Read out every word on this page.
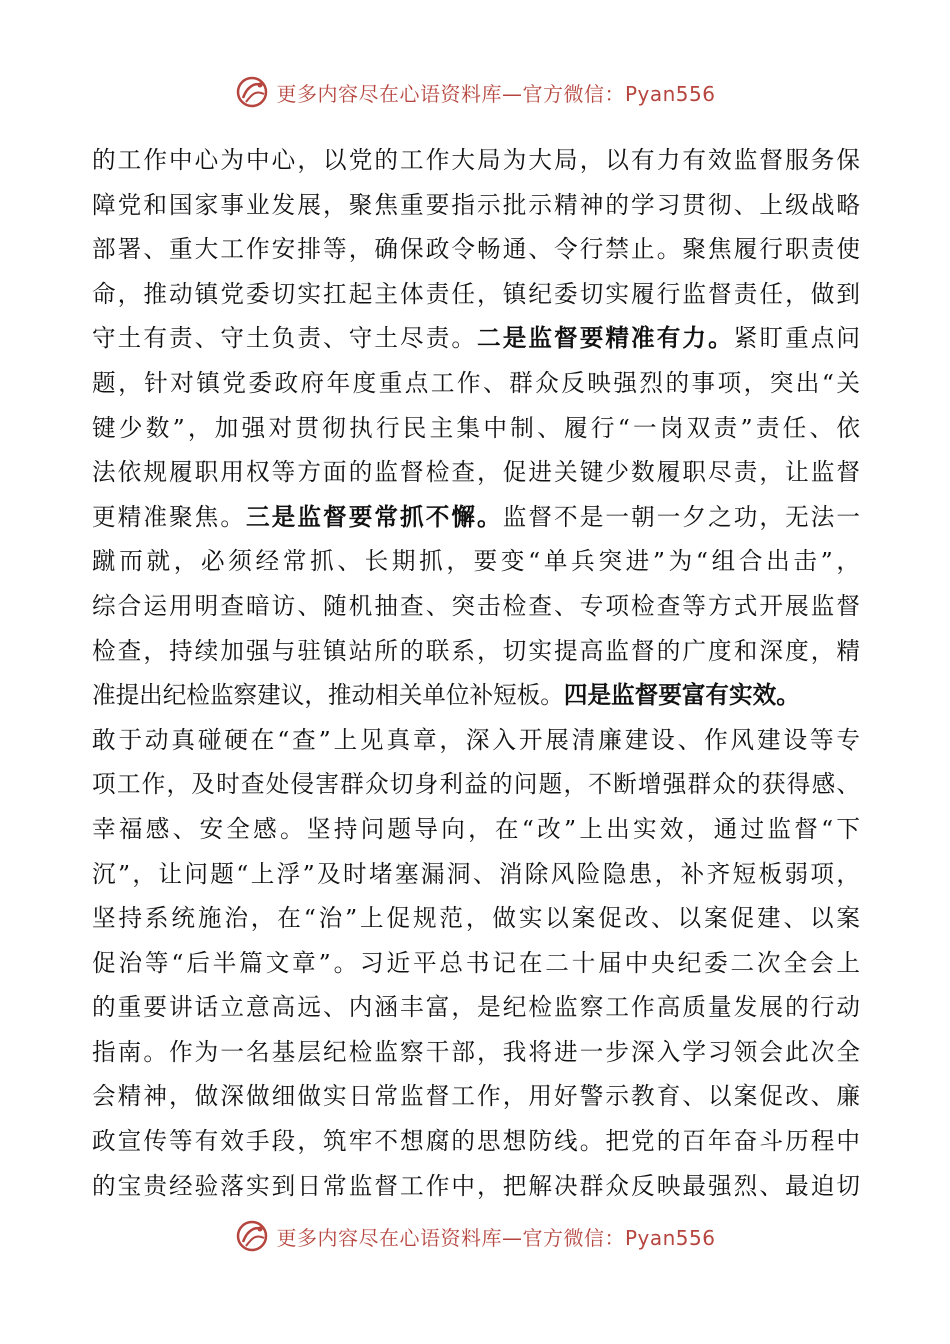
更多内容尽在心语资料库—官方微信：Pyan556
的工作中心为中心，以党的工作大局为大局，以有力有效监督服务保
障党和国家事业发展，聚焦重要指示批示精神的学习贯彻、上级战略
部署、重大工作安排等，确保政令畅通、令行禁止。聚焦履行职责使
命，推动镇党委切实扛起主体责任，镇纪委切实履行监督责任，做到
守土有责、守土负责、守土尽责。二是监督要精准有力。紧盯重点问
题，针对镇党委政府年度重点工作、群众反映强烈的事项，突出“关
键少数”，加强对贯彻执行民主集中制、履行“一岗双责”责任、依
法依规履职用权等方面的监督检查，促进关键少数履职尽责，让监督
更精准聚焦。三是监督要常抓不懈。监督不是一朝一夕之功，无法一
蹴而就，必须经常抓、长期抓，要变“单兵突进”为“组合出击”，
综合运用明查暗访、随机抽查、突击检查、专项检查等方式开展监督
检查，持续加强与驻镇站所的联系，切实提高监督的广度和深度，精
准提出纪检监察建议，推动相关单位补短板。四是监督要富有实效。
敢于动真碰硬在“查”上见真章，深入开展清廉建设、作风建设等专
项工作，及时查处侵害群众切身利益的问题，不断增强群众的获得感、
幸福感、安全感。坚持问题导向，在“改”上出实效，通过监督“下
沉”，让问题“上浮”及时堵塞漏洞、消除风险隐患，补齐短板弱项，
坚持系统施治，在“治”上促规范，做实以案促改、以案促建、以案
促治等“后半篇文章”。习近平总书记在二十届中央纪委二次全会上
的重要讲话立意高远、内涵丰富，是纪检监察工作高质量发展的行动
指南。作为一名基层纪检监察干部，我将进一步深入学习领会此次全
会精神，做深做细做实日常监督工作，用好警示教育、以案促改、廉
政宣传等有效手段，筑牢不想腐的思想防线。把党的百年奋斗历程中
的宝贵经验落实到日常监督工作中，把解决群众反映最强烈、最迫切
更多内容尽在心语资料库—官方微信：Pyan556
